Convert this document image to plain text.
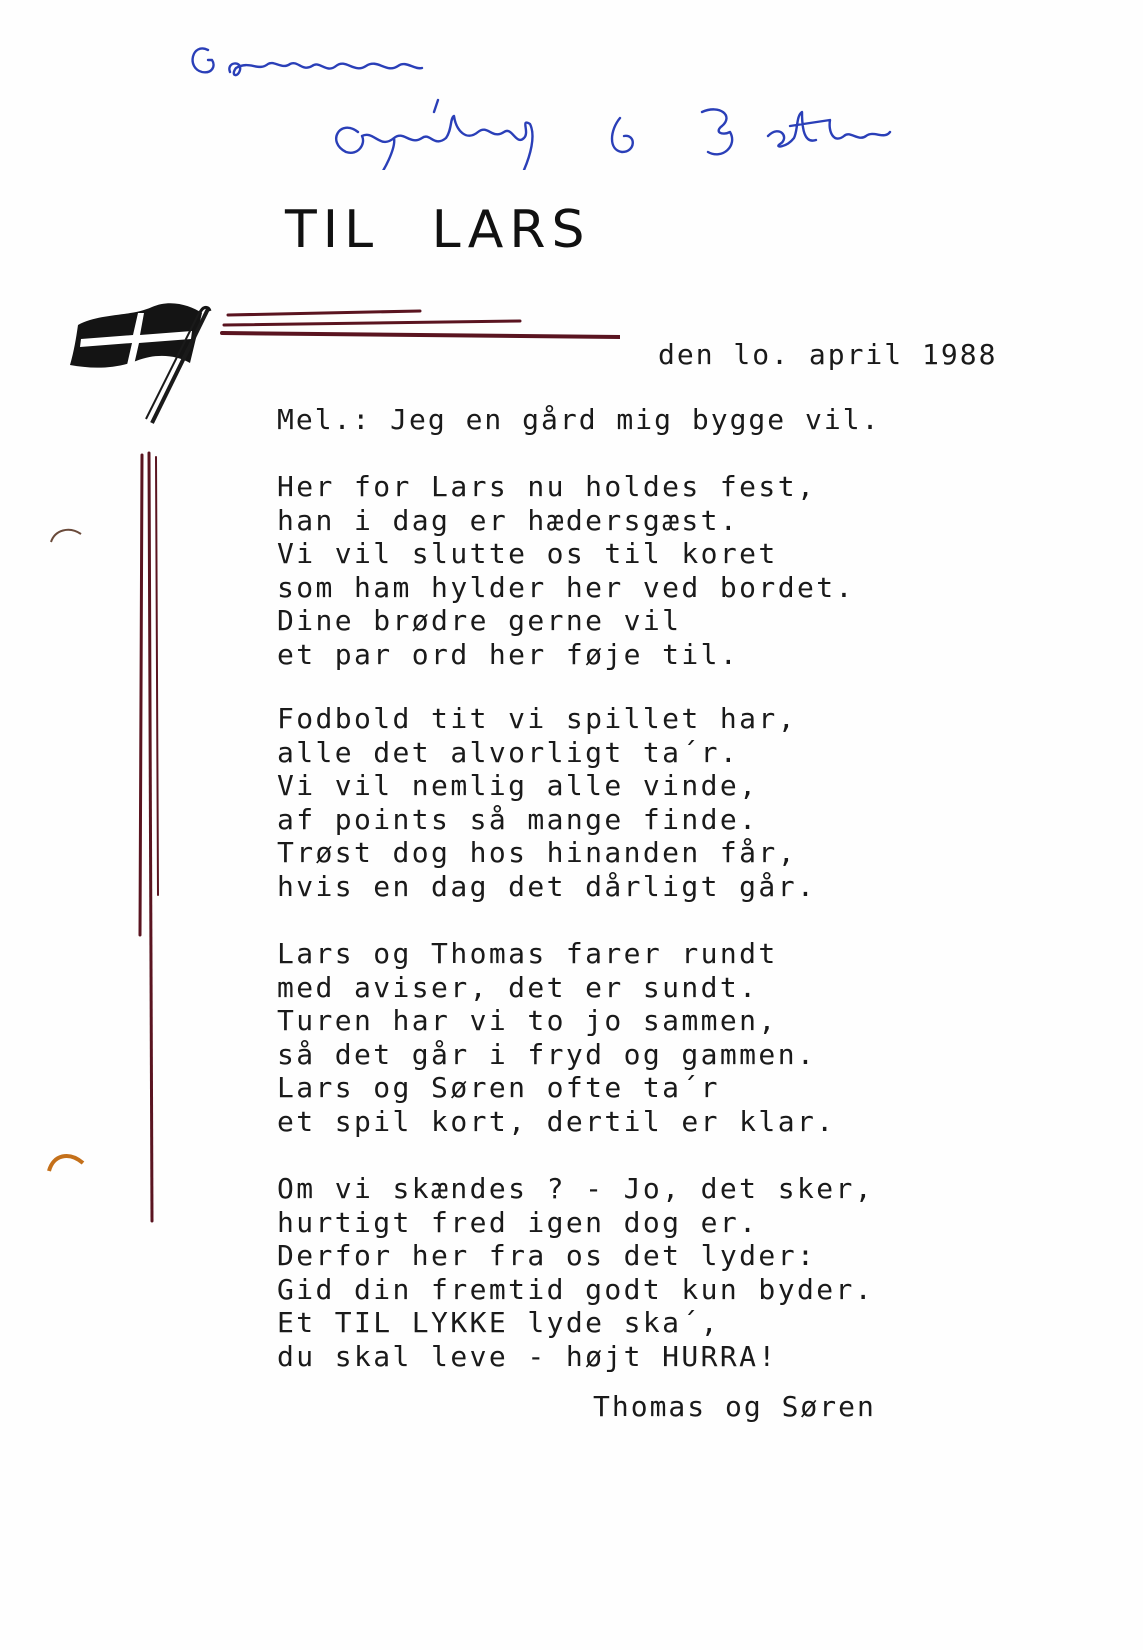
TIL LARS
den lo. april 1988
Mel.: Jeg en gård mig bygge vil.
Her for Lars nu holdes fest,
han i dag er hædersgæst.
Vi vil slutte os til koret
som ham hylder her ved bordet.
Dine brødre gerne vil
et par ord her føje til.
Fodbold tit vi spillet har,
alle det alvorligt ta´r.
Vi vil nemlig alle vinde,
af points så mange finde.
Trøst dog hos hinanden får,
hvis en dag det dårligt går.
Lars og Thomas farer rundt
med aviser, det er sundt.
Turen har vi to jo sammen,
så det går i fryd og gammen.
Lars og Søren ofte ta´r
et spil kort, dertil er klar.
Om vi skændes ? - Jo, det sker,
hurtigt fred igen dog er.
Derfor her fra os det lyder:
Gid din fremtid godt kun byder.
Et TIL LYKKE lyde ska´,
du skal leve - højt HURRA!
Thomas og Søren
